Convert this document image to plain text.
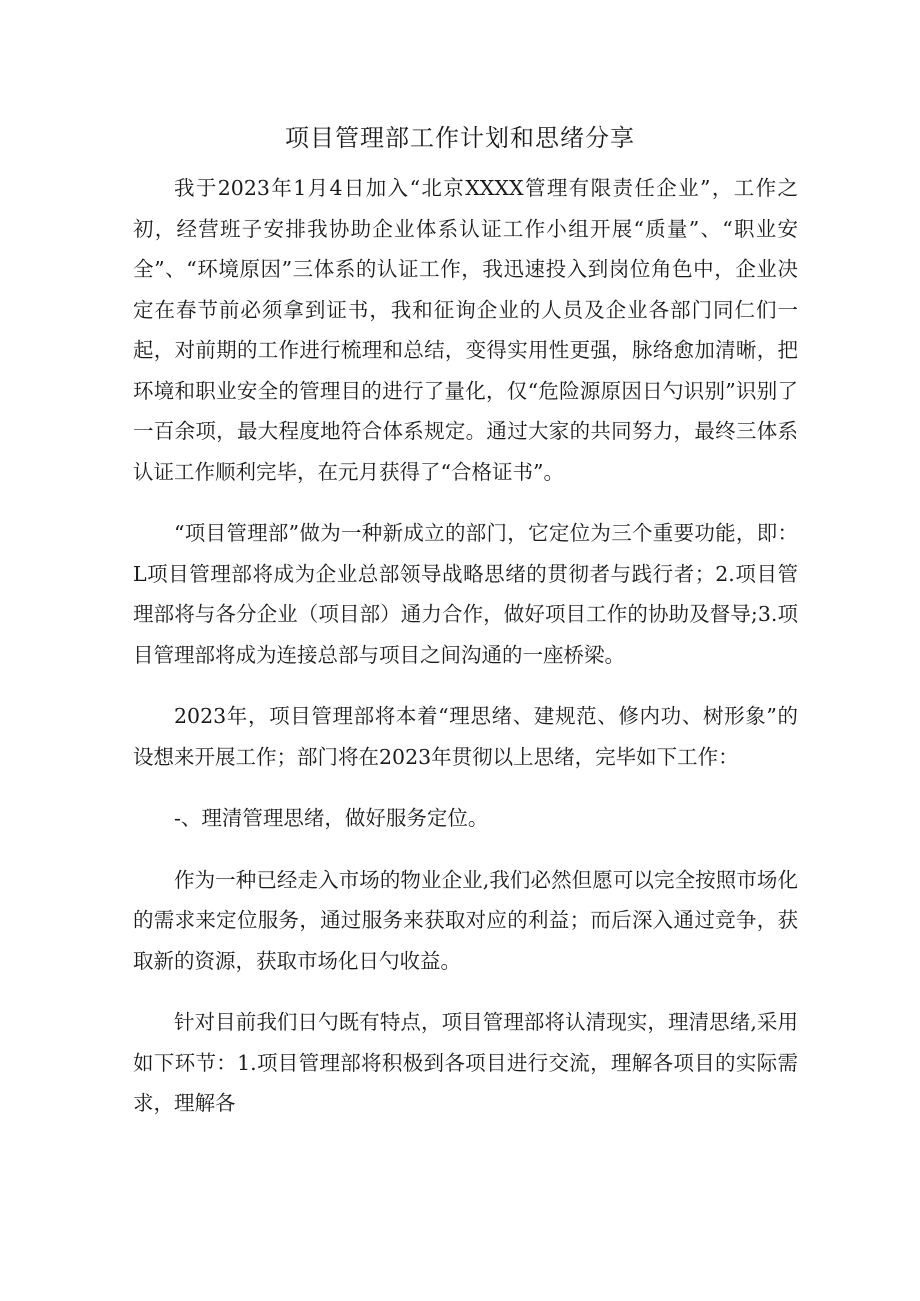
项目管理部工作计划和思绪分享

我于2023年1月4日加入“北京XXXX管理有限责任企业”，工作之初，经营班子安排我协助企业体系认证工作小组开展“质量”、“职业安全”、“环境原因”三体系的认证工作，我迅速投入到岗位角色中，企业决定在春节前必须拿到证书，我和征询企业的人员及企业各部门同仁们一起，对前期的工作进行梳理和总结，变得实用性更强，脉络愈加清晰，把环境和职业安全的管理目的进行了量化，仅“危险源原因日勺识别”识别了一百余项，最大程度地符合体系规定。通过大家的共同努力，最终三体系认证工作顺利完毕，在元月获得了“合格证书”。

“项目管理部”做为一种新成立的部门，它定位为三个重要功能，即：L项目管理部将成为企业总部领导战略思绪的贯彻者与践行者；2.项目管理部将与各分企业（项目部）通力合作，做好项目工作的协助及督导;3.项目管理部将成为连接总部与项目之间沟通的一座桥梁。

2023年，项目管理部将本着“理思绪、建规范、修内功、树形象”的设想来开展工作；部门将在2023年贯彻以上思绪，完毕如下工作：

-、理清管理思绪，做好服务定位。

作为一种已经走入市场的物业企业,我们必然但愿可以完全按照市场化的需求来定位服务，通过服务来获取对应的利益；而后深入通过竞争，获取新的资源，获取市场化日勺收益。

针对目前我们日勺既有特点，项目管理部将认清现实，理清思绪,采用如下环节：1.项目管理部将积极到各项目进行交流，理解各项目的实际需求，理解各
